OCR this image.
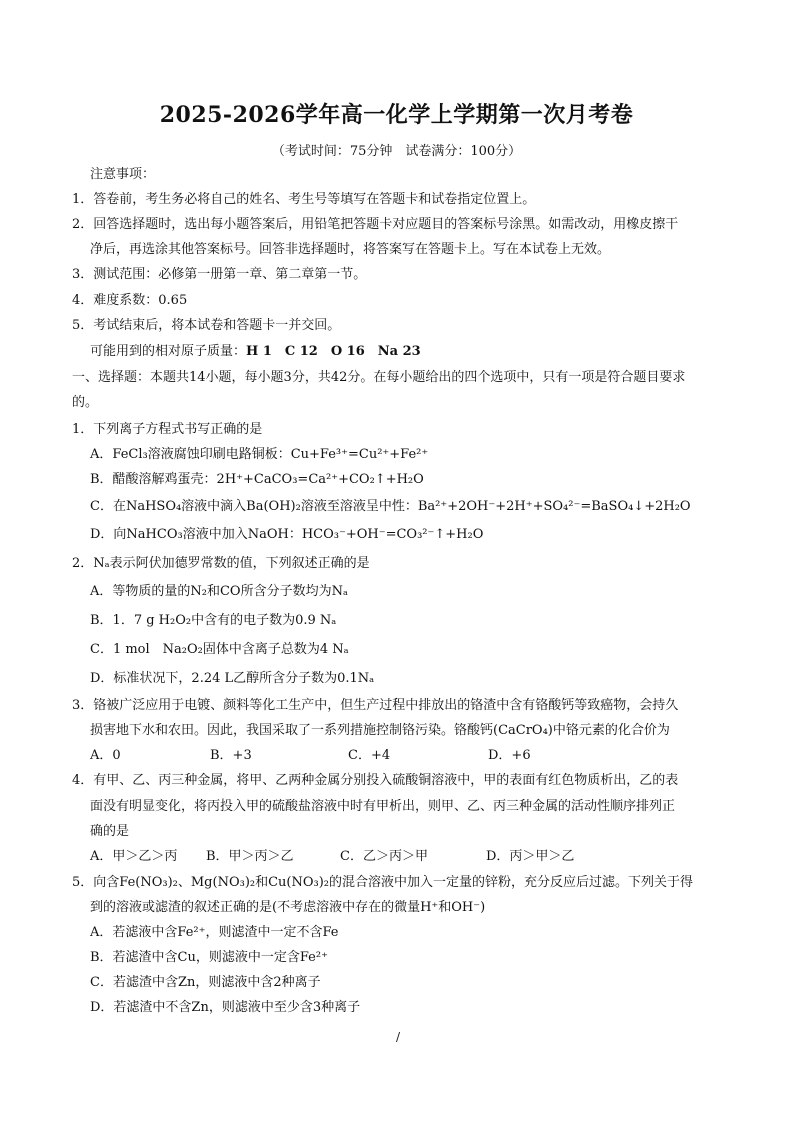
2025-2026学年高一化学上学期第一次月考卷
（考试时间：75分钟　试卷满分：100分）
注意事项：
1．答卷前，考生务必将自己的姓名、考生号等填写在答题卡和试卷指定位置上。
2．回答选择题时，选出每小题答案后，用铅笔把答题卡对应题目的答案标号涂黑。如需改动，用橡皮擦干
净后，再选涂其他答案标号。回答非选择题时，将答案写在答题卡上。写在本试卷上无效。
3．测试范围：必修第一册第一章、第二章第一节。
4．难度系数：0.65
5．考试结束后，将本试卷和答题卡一并交回。
可能用到的相对原子质量：H 1　C 12　O 16　Na 23
一、选择题：本题共14小题，每小题3分，共42分。在每小题给出的四个选项中，只有一项是符合题目要求
的。
1．下列离子方程式书写正确的是
A．FeCl₃溶液腐蚀印刷电路铜板：Cu+Fe³⁺=Cu²⁺+Fe²⁺
B．醋酸溶解鸡蛋壳：2H⁺+CaCO₃=Ca²⁺+CO₂↑+H₂O
C．在NaHSO₄溶液中滴入Ba(OH)₂溶液至溶液呈中性：Ba²⁺+2OH⁻+2H⁺+SO₄²⁻=BaSO₄↓+2H₂O
D．向NaHCO₃溶液中加入NaOH：HCO₃⁻+OH⁻=CO₃²⁻↑+H₂O
2．Nₐ表示阿伏加德罗常数的值，下列叙述正确的是
A．等物质的量的N₂和CO所含分子数均为Nₐ
B．1．7 g H₂O₂中含有的电子数为0.9 Nₐ
C．1 mol　Na₂O₂固体中含离子总数为4 Nₐ
D．标准状况下，2.24 L乙醇所含分子数为0.1Nₐ
3．铬被广泛应用于电镀、颜料等化工生产中，但生产过程中排放出的铬渣中含有铬酸钙等致癌物，会持久
损害地下水和农田。因此，我国采取了一系列措施控制铬污染。铬酸钙(CaCrO₄)中铬元素的化合价为
A．0	B．+3	C．+4	D．+6
4．有甲、乙、丙三种金属，将甲、乙两种金属分别投入硫酸铜溶液中，甲的表面有红色物质析出，乙的表
面没有明显变化，将丙投入甲的硫酸盐溶液中时有甲析出，则甲、乙、丙三种金属的活动性顺序排列正
确的是
A．甲＞乙＞丙 B．甲＞丙＞乙	C．乙＞丙＞甲	D．丙＞甲＞乙
5．向含Fe(NO₃)₂、Mg(NO₃)₂和Cu(NO₃)₂的混合溶液中加入一定量的锌粉，充分反应后过滤。下列关于得
到的溶液或滤渣的叙述正确的是(不考虑溶液中存在的微量H⁺和OH⁻)
A．若滤液中含Fe²⁺，则滤渣中一定不含Fe
B．若滤渣中含Cu，则滤液中一定含Fe²⁺
C．若滤渣中含Zn，则滤液中含2种离子
D．若滤渣中不含Zn，则滤液中至少含3种离子
/
